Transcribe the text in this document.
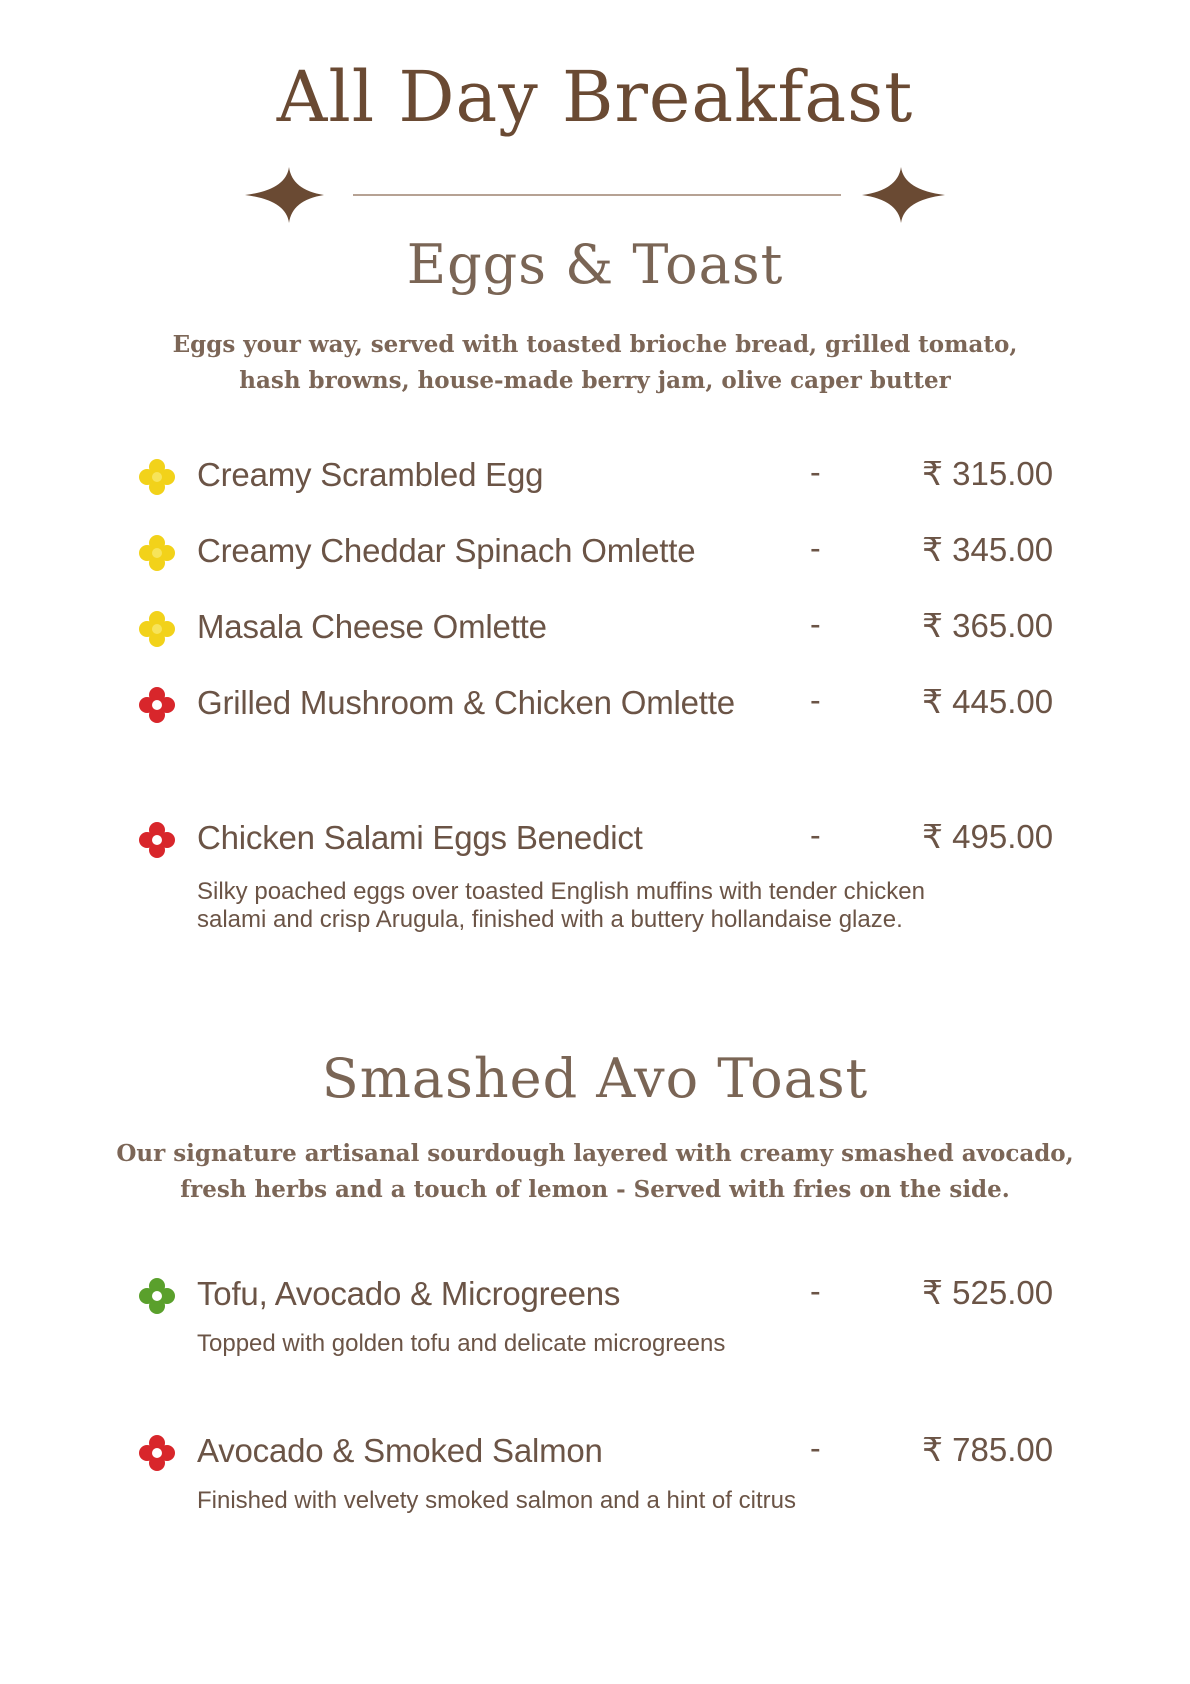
All Day Breakfast
Eggs & Toast
Eggs your way, served with toasted brioche bread, grilled tomato,
hash browns, house-made berry jam, olive caper butter
Creamy Scrambled Egg	-	₹ 315.00
Creamy Cheddar Spinach Omlette	-	₹ 345.00
Masala Cheese Omlette	-	₹ 365.00
Grilled Mushroom & Chicken Omlette -	₹ 445.00
Chicken Salami Eggs Benedict	-	₹ 495.00
Silky poached eggs over toasted English muffins with tender chicken
salami and crisp Arugula, finished with a buttery hollandaise glaze.
Smashed Avo Toast
Our signature artisanal sourdough layered with creamy smashed avocado,
fresh herbs and a touch of lemon - Served with fries on the side.
Tofu, Avocado & Microgreens	-	₹ 525.00
Topped with golden tofu and delicate microgreens
Avocado & Smoked Salmon	-	₹ 785.00
Finished with velvety smoked salmon and a hint of citrus
